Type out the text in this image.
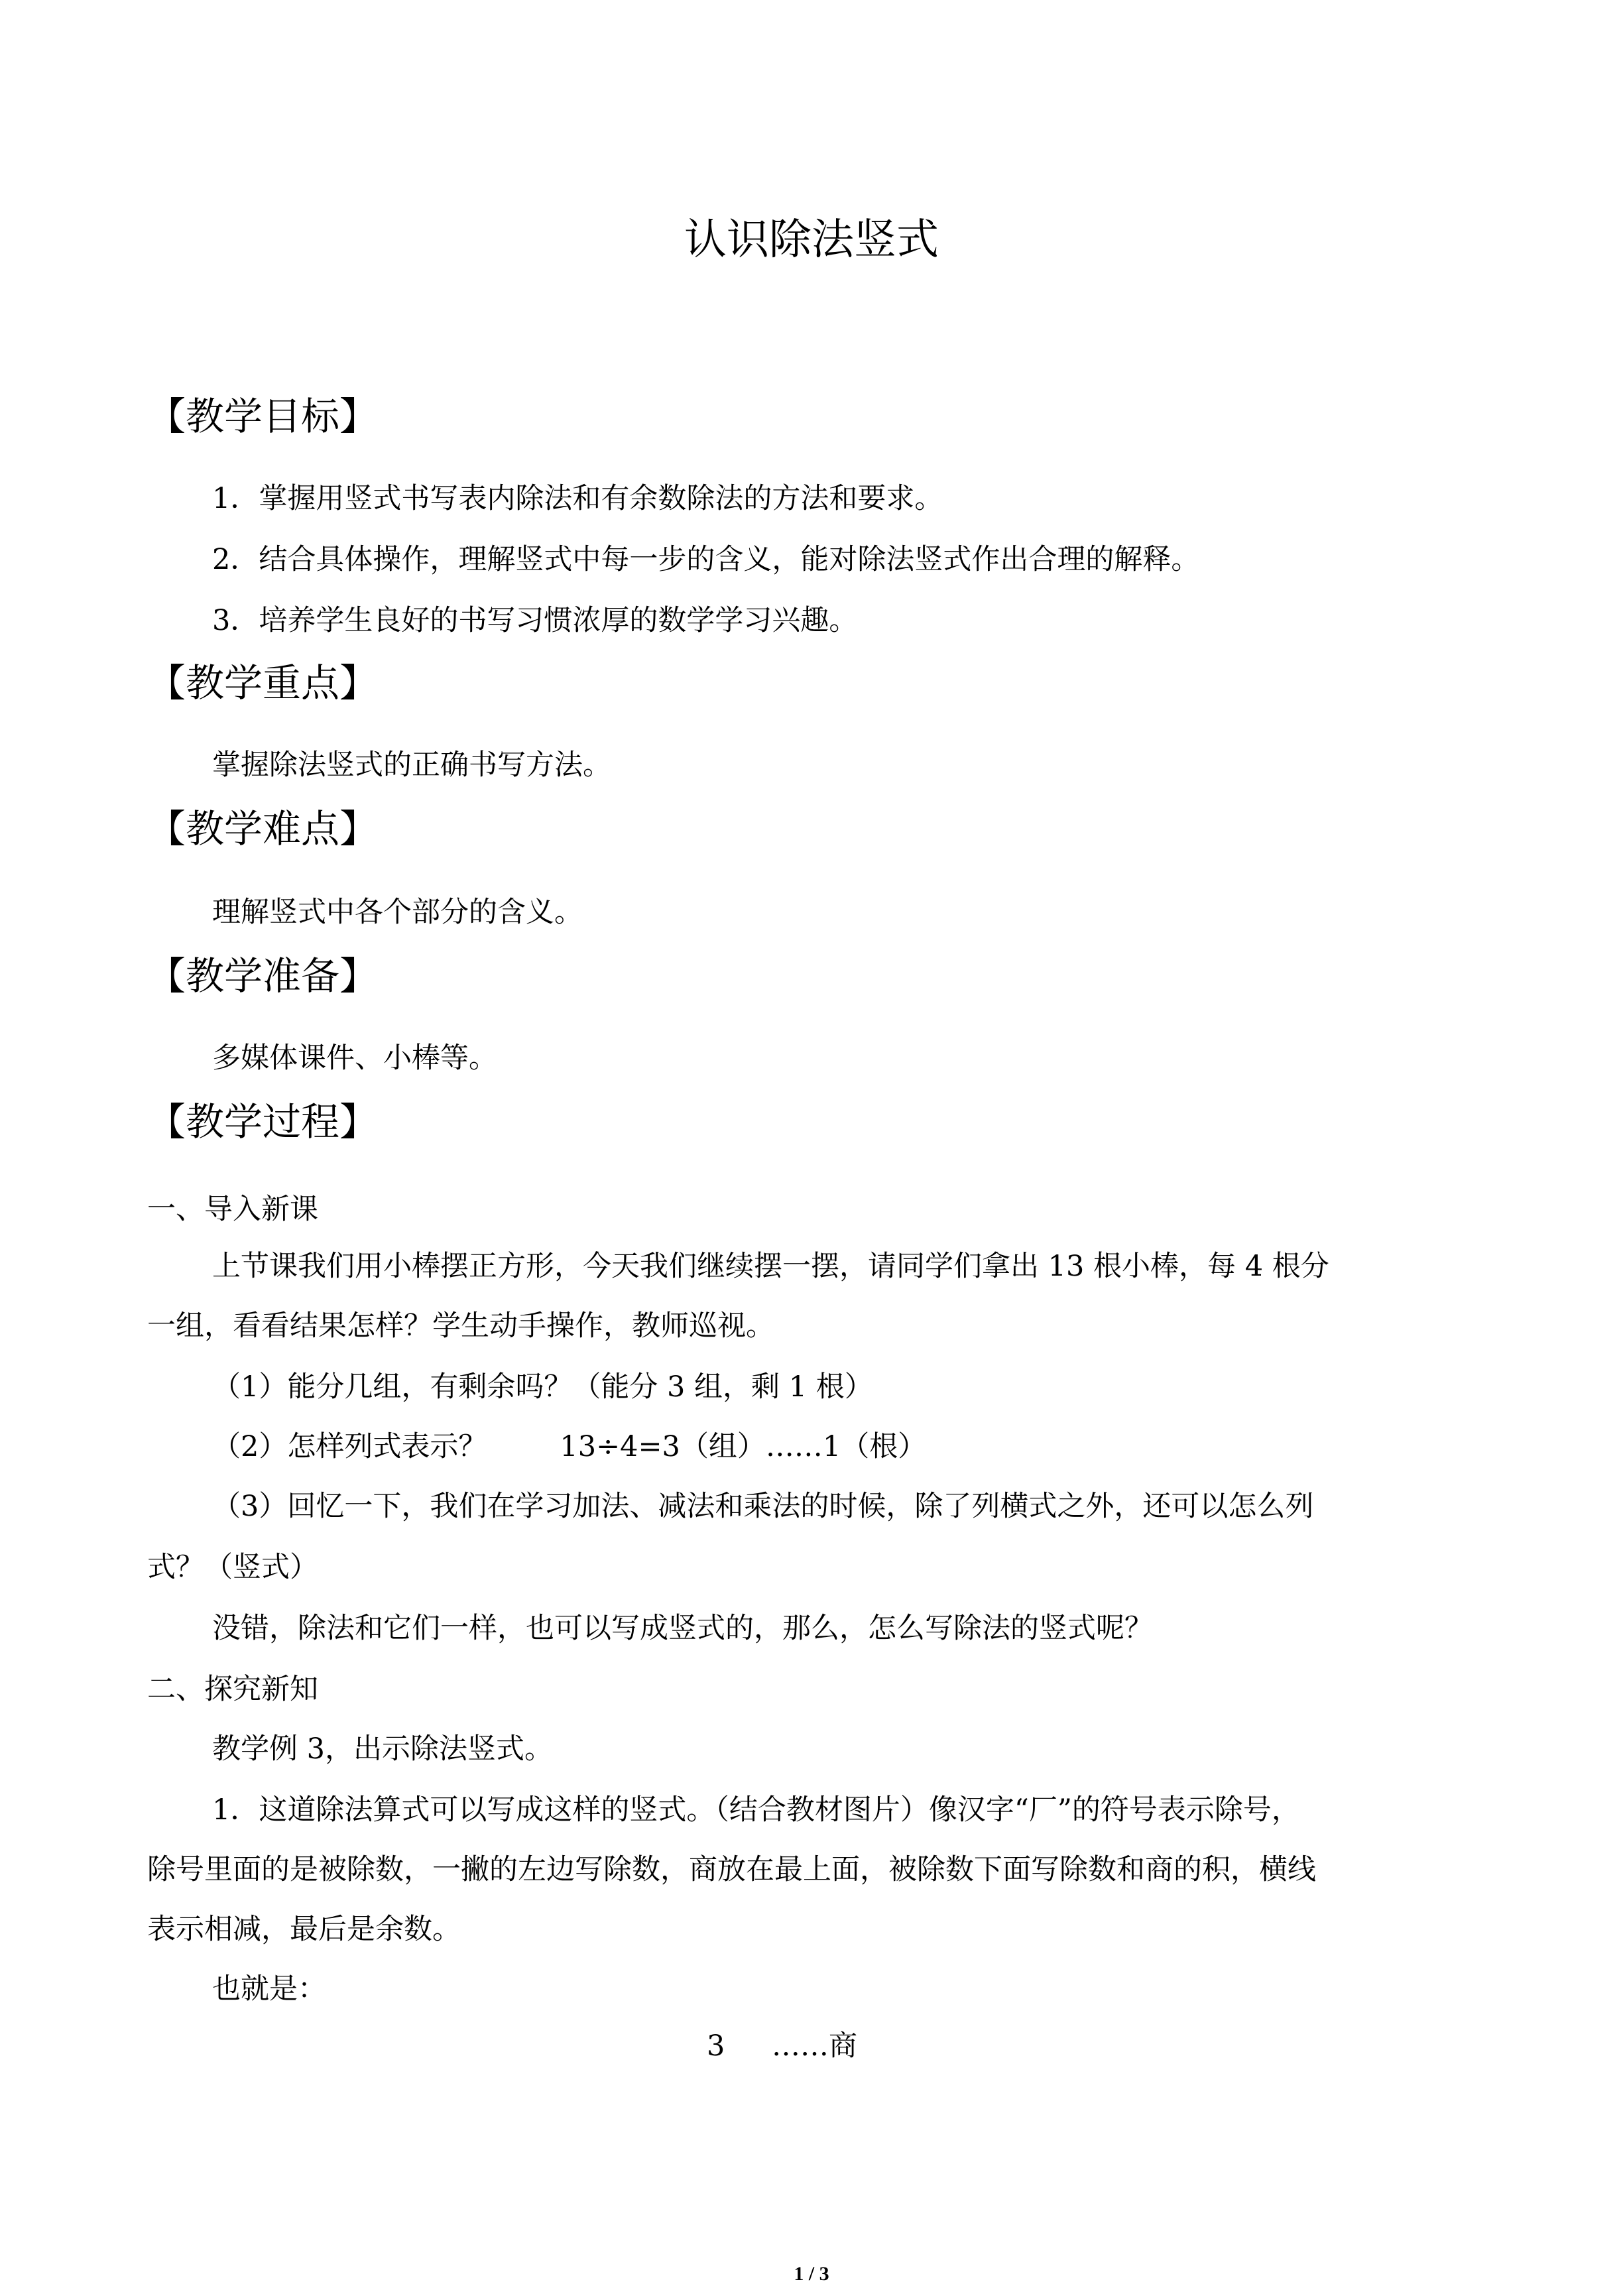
认识除法竖式
【教学目标】
1．掌握用竖式书写表内除法和有余数除法的方法和要求。
2．结合具体操作，理解竖式中每一步的含义，能对除法竖式作出合理的解释。
3．培养学生良好的书写习惯浓厚的数学学习兴趣。
【教学重点】
掌握除法竖式的正确书写方法。
【教学难点】
理解竖式中各个部分的含义。
【教学准备】
多媒体课件、小棒等。
【教学过程】
一、导入新课
上节课我们用小棒摆正方形，今天我们继续摆一摆，请同学们拿出 13 根小棒，每 4 根分
一组，看看结果怎样？学生动手操作，教师巡视。
（1）能分几组，有剩余吗？（能分 3 组，剩 1 根）
（2）怎样列式表示？	13÷4=3（组）……1（根）
（3）回忆一下，我们在学习加法、减法和乘法的时候，除了列横式之外，还可以怎么列
式？（竖式）
没错，除法和它们一样，也可以写成竖式的，那么，怎么写除法的竖式呢？
二、探究新知
教学例 3，出示除法竖式。
1．这道除法算式可以写成这样的竖式。（结合教材图片）像汉字“厂”的符号表示除号，
除号里面的是被除数，一撇的左边写除数，商放在最上面，被除数下面写除数和商的积，横线
表示相减，最后是余数。
也就是：
3 ……商
1 / 3
